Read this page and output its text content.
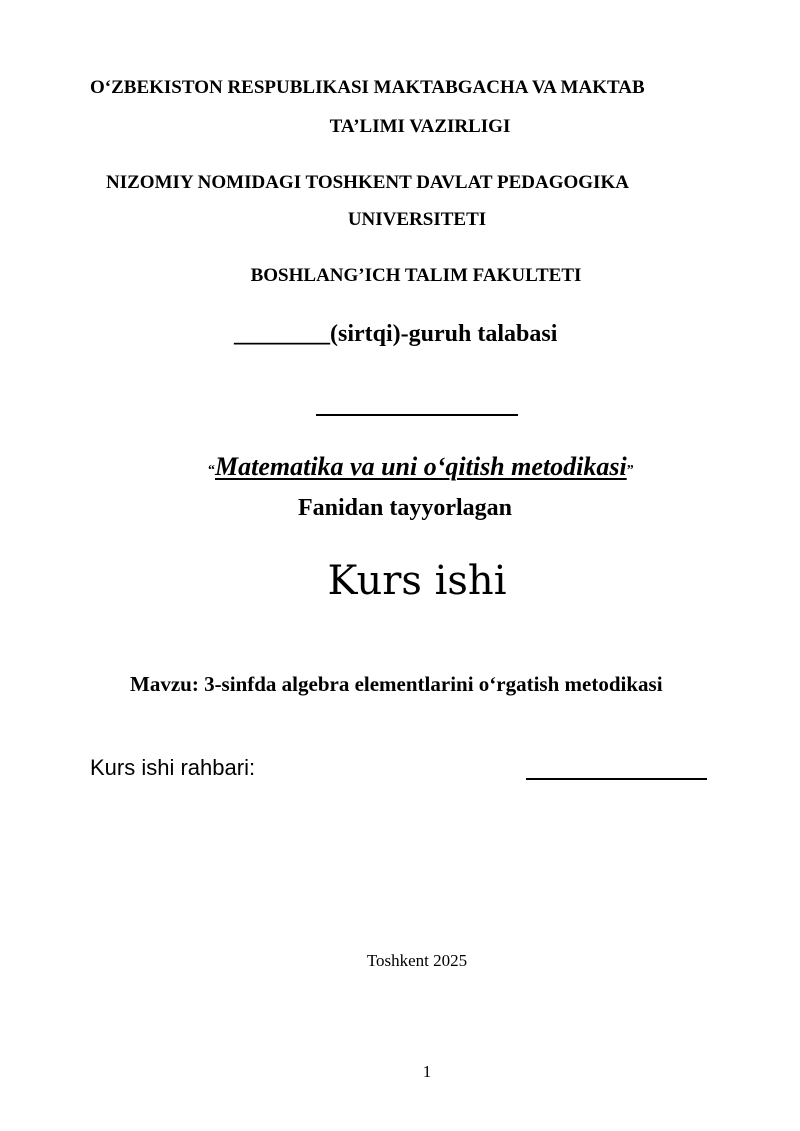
O‘ZBEKISTON RESPUBLIKASI MAKTABGACHA VA MAKTAB
TA’LIMI VAZIRLIGI
NIZOMIY NOMIDAGI TOSHKENT DAVLAT PEDAGOGIKA
UNIVERSITETI
BOSHLANG’ICH TALIM FAKULTETI
________(sirtqi)-guruh talabasi
“Matematika va uni o‘qitish metodikasi”
Fanidan tayyorlagan
Kurs ishi
Mavzu: 3-sinfda algebra elementlarini o‘rgatish metodikasi
Kurs ishi rahbari:
Toshkent 2025
1
